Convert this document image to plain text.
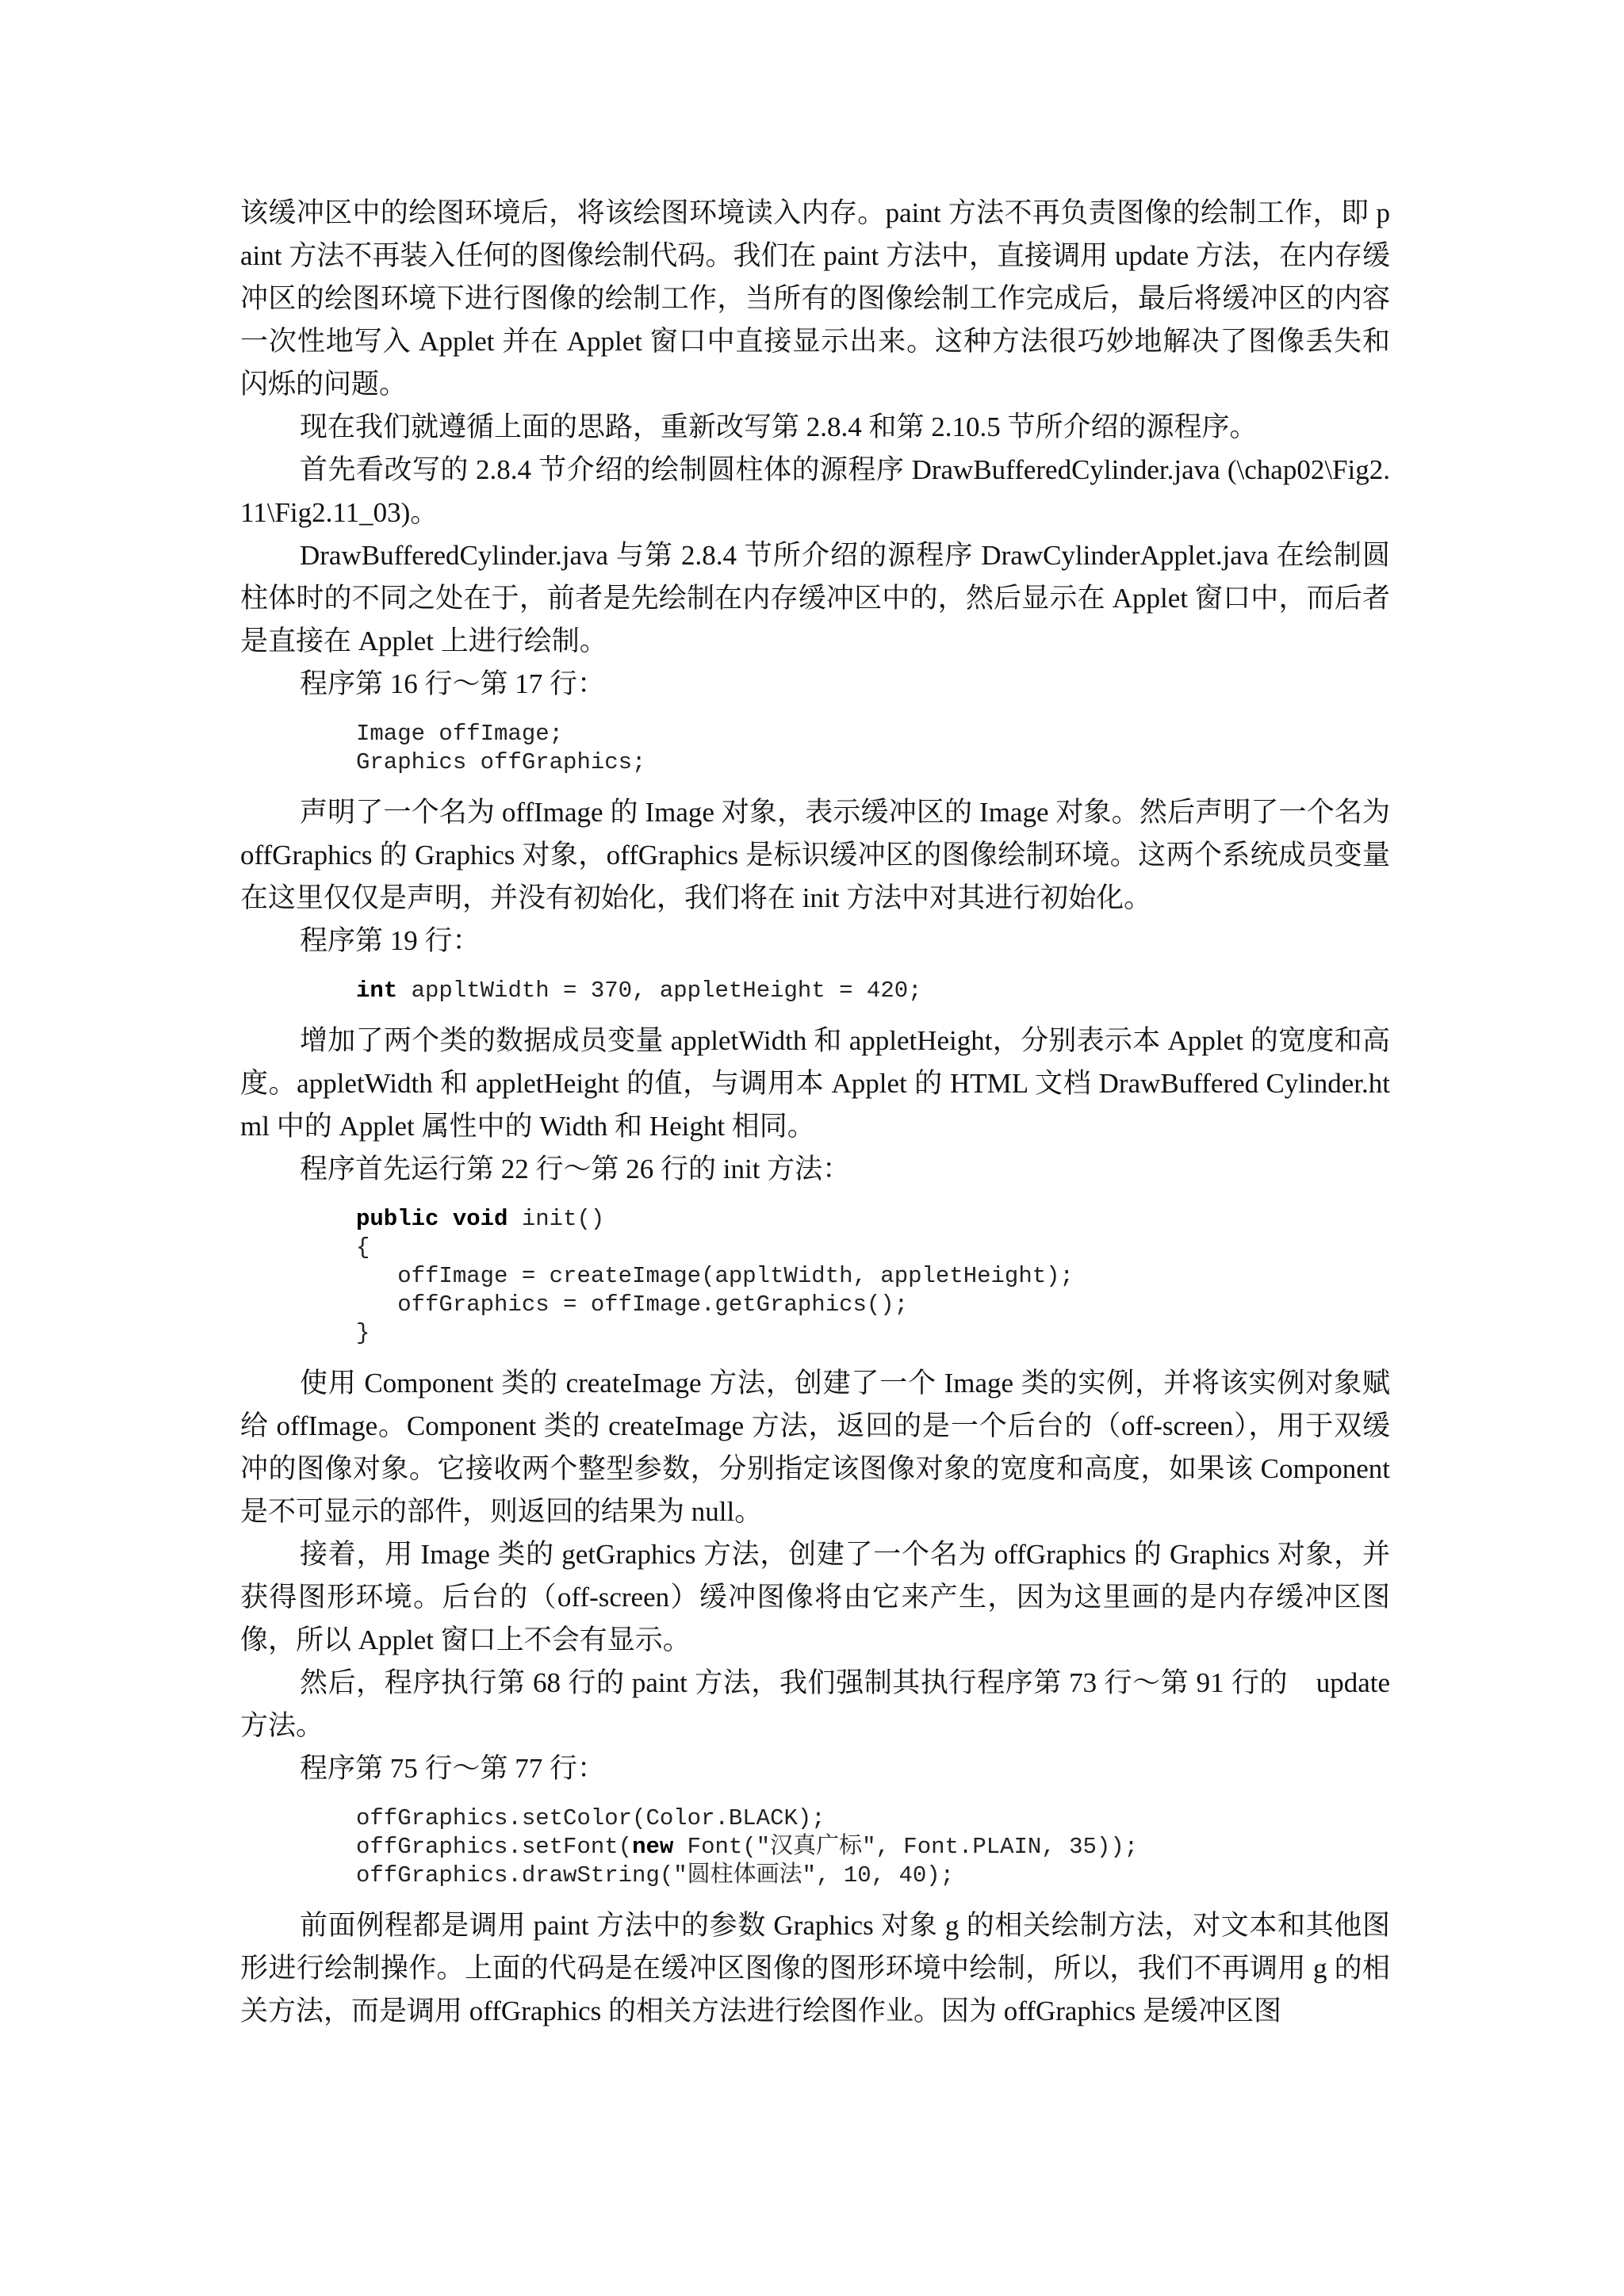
该缓冲区中的绘图环境后，将该绘图环境读入内存。paint 方法不再负责图像的绘制工作，即 paint 方法不再装入任何的图像绘制代码。我们在 paint 方法中，直接调用 update 方法，在内存缓冲区的绘图环境下进行图像的绘制工作，当所有的图像绘制工作完成后，最后将缓冲区的内容一次性地写入 Applet 并在 Applet 窗口中直接显示出来。这种方法很巧妙地解决了图像丢失和闪烁的问题。

现在我们就遵循上面的思路，重新改写第 2.8.4 和第 2.10.5 节所介绍的源程序。

首先看改写的 2.8.4 节介绍的绘制圆柱体的源程序 DrawBufferedCylinder.java (\chap02\Fig2.11\Fig2.11_03)。

DrawBufferedCylinder.java 与第 2.8.4 节所介绍的源程序 DrawCylinderApplet.java 在绘制圆柱体时的不同之处在于，前者是先绘制在内存缓冲区中的，然后显示在 Applet 窗口中，而后者是直接在 Applet 上进行绘制。

程序第 16 行～第 17 行：

Image offImage;
Graphics offGraphics;

声明了一个名为 offImage 的 Image 对象，表示缓冲区的 Image 对象。然后声明了一个名为 offGraphics 的 Graphics 对象，offGraphics 是标识缓冲区的图像绘制环境。这两个系统成员变量在这里仅仅是声明，并没有初始化，我们将在 init 方法中对其进行初始化。

程序第 19 行：

int appltWidth = 370, appletHeight = 420;

增加了两个类的数据成员变量 appletWidth 和 appletHeight，分别表示本 Applet 的宽度和高度。appletWidth 和 appletHeight 的值，与调用本 Applet 的 HTML 文档 DrawBuffered Cylinder.html 中的 Applet 属性中的 Width 和 Height 相同。

程序首先运行第 22 行～第 26 行的 init 方法：

public void init()
{
offImage = createImage(appltWidth, appletHeight);
offGraphics = offImage.getGraphics();
}

使用 Component 类的 createImage 方法，创建了一个 Image 类的实例，并将该实例对象赋给 offImage。Component 类的 createImage 方法，返回的是一个后台的（off-screen），用于双缓冲的图像对象。它接收两个整型参数，分别指定该图像对象的宽度和高度，如果该 Component 是不可显示的部件，则返回的结果为 null。

接着，用 Image 类的 getGraphics 方法，创建了一个名为 offGraphics 的 Graphics 对象，并获得图形环境。后台的（off-screen）缓冲图像将由它来产生，因为这里画的是内存缓冲区图像，所以 Applet 窗口上不会有显示。

然后，程序执行第 68 行的 paint 方法，我们强制其执行程序第 73 行～第 91 行的　update 方法。

程序第 75 行～第 77 行：

offGraphics.setColor(Color.BLACK);
offGraphics.setFont(new Font("汉真广标", Font.PLAIN, 35));
offGraphics.drawString("圆柱体画法", 10, 40);

前面例程都是调用 paint 方法中的参数 Graphics 对象 g 的相关绘制方法，对文本和其他图形进行绘制操作。上面的代码是在缓冲区图像的图形环境中绘制，所以，我们不再调用 g 的相关方法，而是调用 offGraphics 的相关方法进行绘图作业。因为 offGraphics 是缓冲区图
